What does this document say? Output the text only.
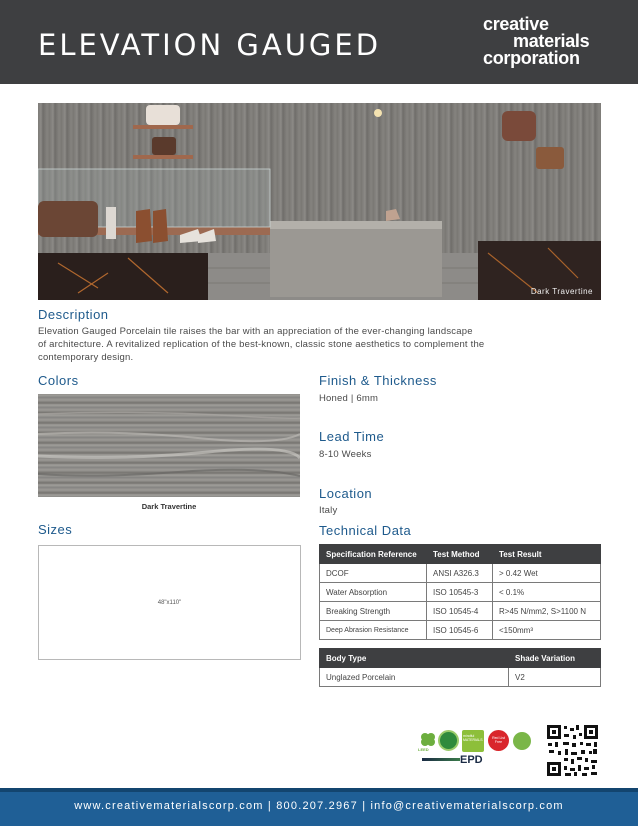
ELEVATION GAUGED
creative
materials
corporation
Dark Travertine
Description
Elevation Gauged Porcelain tile raises the bar with an appreciation of the ever-changing landscape
of architecture. A revitalized replication of the best-known, classic stone aesthetics to complement the
contemporary design.
Colors
Dark Travertine
Sizes
48"x110"
Finish & Thickness
Honed | 6mm
Lead Time
8-10 Weeks
Location
Italy
Technical Data
Specification Reference	Test Method	Test Result
DCOF	ANSI A326.3	> 0.42 Wet
Water Absorption	ISO 10545-3	< 0.1%
Breaking Strength	ISO 10545-4	R>45 N/mm2, S>1100 N
Deep Abrasion Resistance	ISO 10545-6	<150mm³
Body Type	Shade Variation
Unglazed Porcelain	V2
LEED
mindful MATERIALS	Red List Free
EPD
www.creativematerialscorp.com | 800.207.2967 | info@creativematerialscorp.com
